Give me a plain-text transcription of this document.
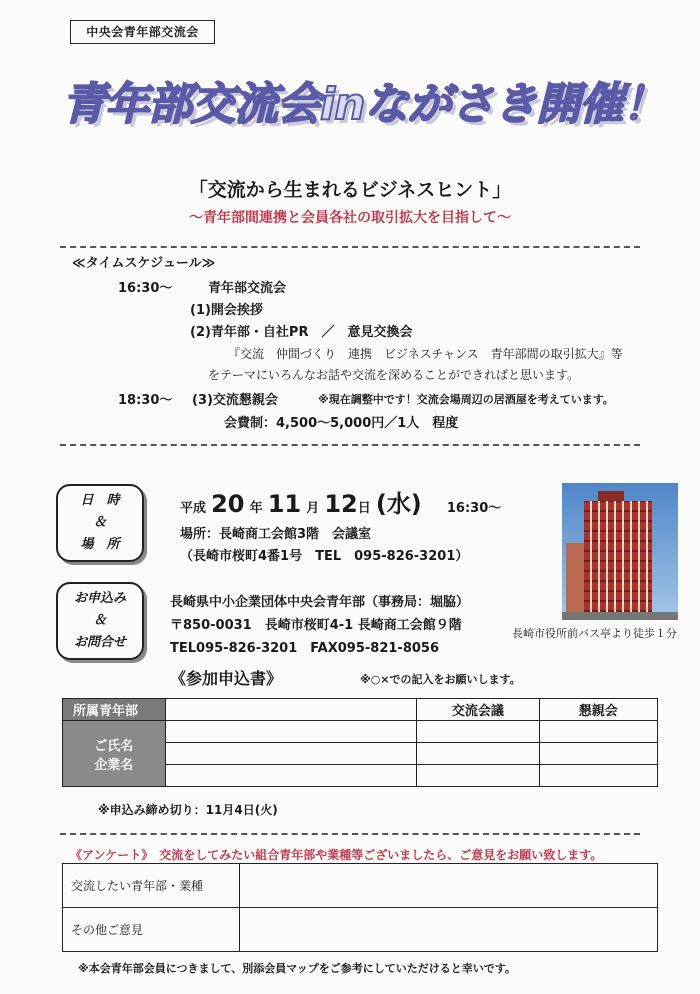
中央会青年部交流会
青年部交流会inながさき開催！
「交流から生まれるビジネスヒント」
～青年部間連携と会員各社の取引拡大を目指して～
≪タイムスケジュール≫
16:30～	青年部交流会
(1)開会挨拶
(2)青年部・自社PR　／　意見交換会
『交流　仲間づくり　連携　ビジネスチャンス　青年部間の取引拡大』等
をテーマにいろんなお話や交流を深めることができればと思います。
18:30～ (3)交流懇親会	※現在調整中です！交流会場周辺の居酒屋を考えています。
会費制：4,500～5,000円／1人　程度
日　時
＆
場　所
平成 20 年 11 月 12日 (水) 16:30～
場所：長崎商工会館3階　会議室
（長崎市桜町4番1号　TEL　095-826-3201）
お申込み
＆
お問合せ
長崎県中小企業団体中央会青年部（事務局：堀脇）
〒850-0031　長崎市桜町4-1 長崎商工会館９階
TEL095-826-3201　FAX095-821-8056
長崎市役所前バス亭より徒歩１分
《参加申込書》	※○×での記入をお願いします。
所属青年部		交流会議	懇親会

ご氏名
企業名			

※申込み締め切り：11月4日(火)
《アンケート》　交流をしてみたい組合青年部や業種等ございましたら、ご意見をお願い致します。
交流したい青年部・業種	
その他ご意見	
※本会青年部会員につきまして、別添会員マップをご参考にしていただけると幸いです。
